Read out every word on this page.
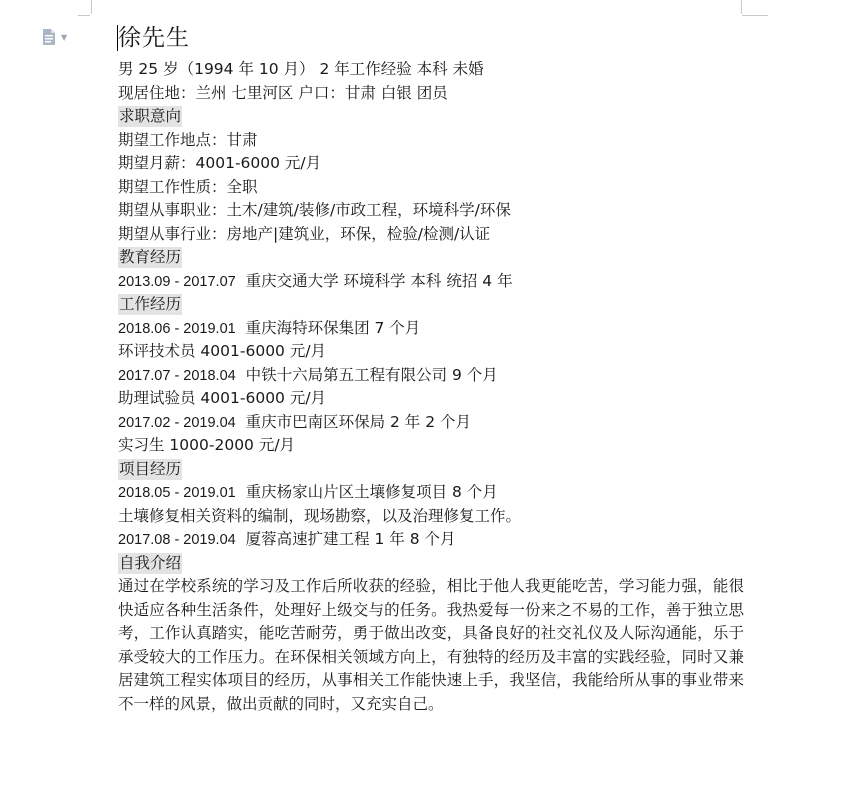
▼ 徐先生
男 25 岁（1994 年 10 月） 2 年工作经验 本科 未婚
现居住地：兰州 七里河区 户口：甘肃 白银 团员
求职意向
期望工作地点：甘肃
期望月薪：4001-6000 元/月
期望工作性质：全职
期望从事职业：土木/建筑/装修/市政工程，环境科学/环保
期望从事行业：房地产|建筑业，环保，检验/检测/认证
教育经历
2013.09 - 2017.07 重庆交通大学 环境科学 本科 统招 4 年
工作经历
2018.06 - 2019.01 重庆海特环保集团 7 个月
环评技术员 4001-6000 元/月
2017.07 - 2018.04 中铁十六局第五工程有限公司 9 个月
助理试验员 4001-6000 元/月
2017.02 - 2019.04 重庆市巴南区环保局 2 年 2 个月
实习生 1000-2000 元/月
项目经历
2018.05 - 2019.01 重庆杨家山片区土壤修复项目 8 个月
土壤修复相关资料的编制，现场勘察，以及治理修复工作。
2017.08 - 2019.04 厦蓉高速扩建工程 1 年 8 个月
自我介绍
通过在学校系统的学习及工作后所收获的经验，相比于他人我更能吃苦，学习能力强，能很快适应各种生活条件，处理好上级交与的任务。我热爱每一份来之不易的工作，善于独立思考，工作认真踏实，能吃苦耐劳，勇于做出改变，具备良好的社交礼仪及人际沟通能，乐于承受较大的工作压力。在环保相关领域方向上，有独特的经历及丰富的实践经验，同时又兼居建筑工程实体项目的经历，从事相关工作能快速上手，我坚信，我能给所从事的事业带来不一样的风景，做出贡献的同时，又充实自己。
